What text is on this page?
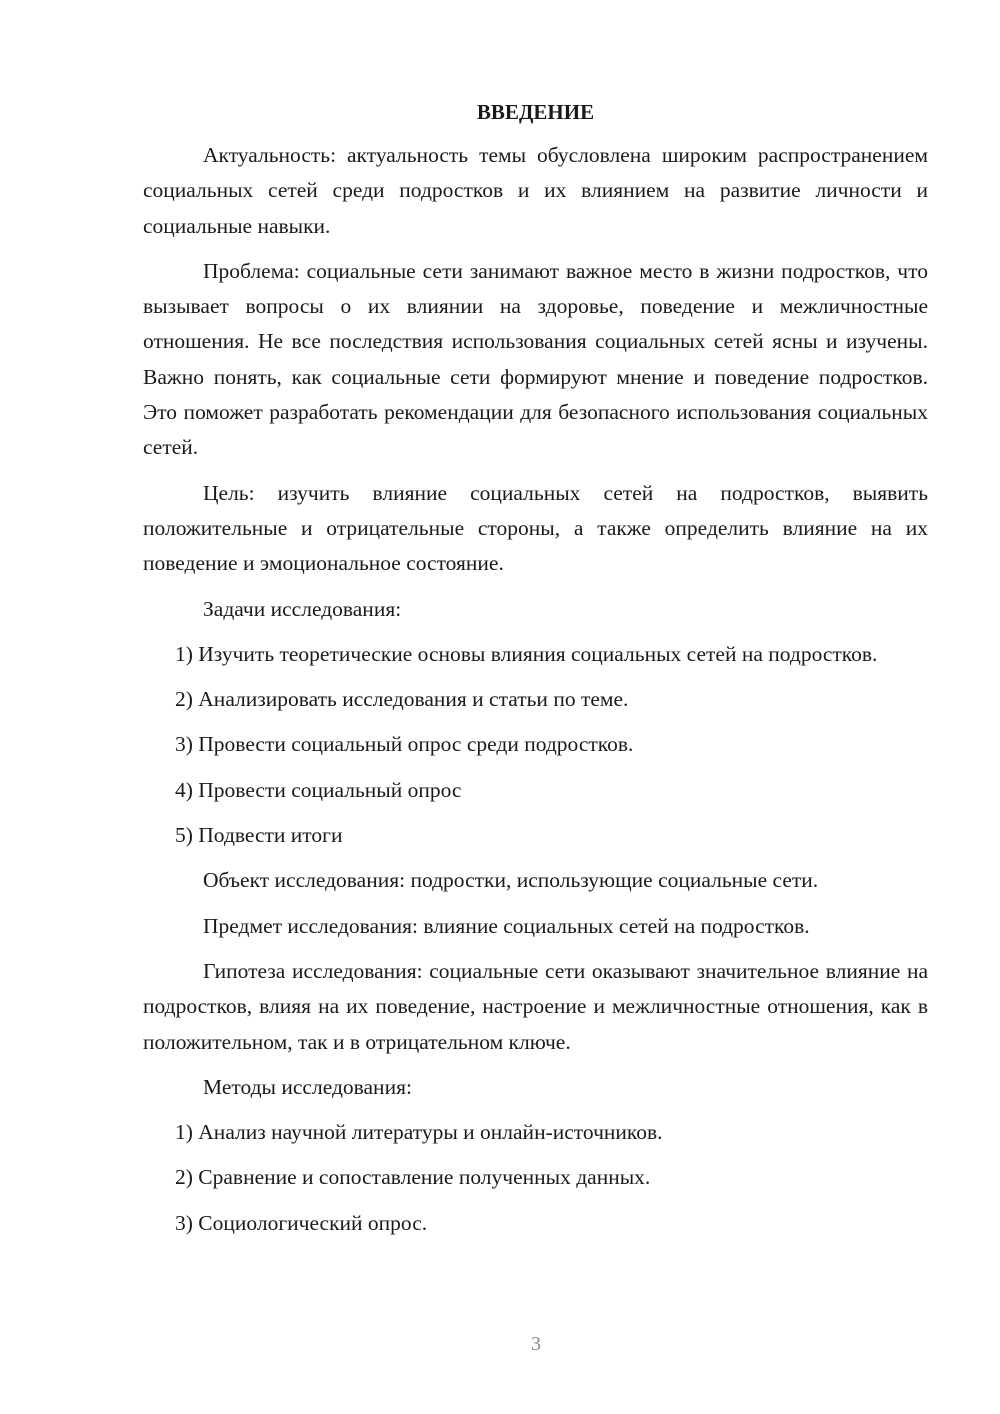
ВВЕДЕНИЕ

Актуальность: актуальность темы обусловлена широким распространением социальных сетей среди подростков и их влиянием на развитие личности и социальные навыки.

Проблема: социальные сети занимают важное место в жизни подростков, что вызывает вопросы о их влиянии на здоровье, поведение и межличностные отношения. Не все последствия использования социальных сетей ясны и изучены. Важно понять, как социальные сети формируют мнение и поведение подростков. Это поможет разработать рекомендации для безопасного использования социальных сетей.

Цель: изучить влияние социальных сетей на подростков, выявить положительные и отрицательные стороны, а также определить влияние на их поведение и эмоциональное состояние.

Задачи исследования:

1) Изучить теоретические основы влияния социальных сетей на подростков.

2) Анализировать исследования и статьи по теме.

3) Провести социальный опрос среди подростков.

4) Провести социальный опрос

5) Подвести итоги

Объект исследования: подростки, использующие социальные сети.

Предмет исследования: влияние социальных сетей на подростков.

Гипотеза исследования: социальные сети оказывают значительное влияние на подростков, влияя на их поведение, настроение и межличностные отношения, как в положительном, так и в отрицательном ключе.

Методы исследования:

1) Анализ научной литературы и онлайн-источников.

2) Сравнение и сопоставление полученных данных.

3) Социологический опрос.

3
